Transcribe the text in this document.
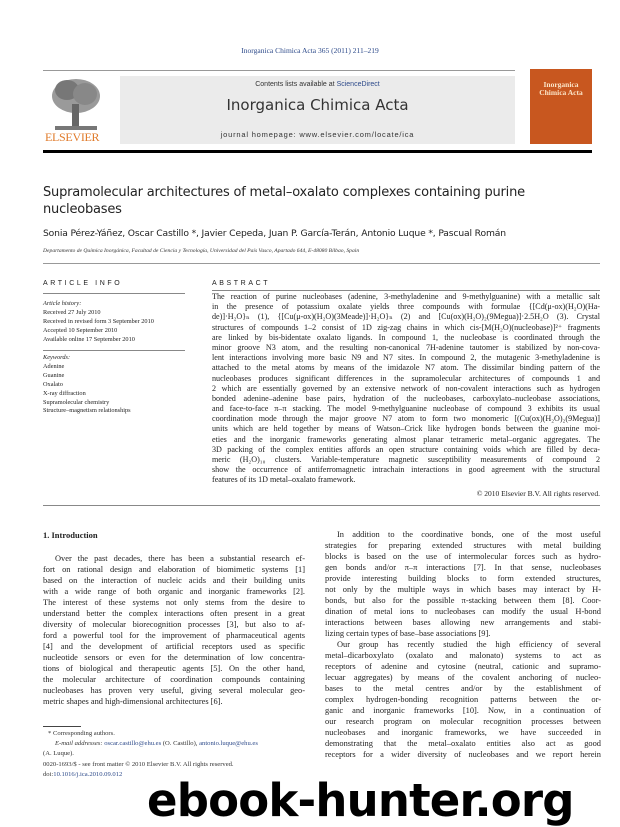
Inorganica Chimica Acta 365 (2011) 211–219
ELSEVIER
Contents lists available at ScienceDirect
Inorganica Chimica Acta
journal homepage: www.elsevier.com/locate/ica
Inorganica Chimica Acta
Supramolecular architectures of metal–oxalato complexes containing purine nucleobases
Sonia Pérez-Yáñez, Oscar Castillo *, Javier Cepeda, Juan P. García-Terán, Antonio Luque *, Pascual Román
Departamento de Química Inorgánica, Facultad de Ciencia y Tecnología, Universidad del País Vasco, Apartado 644, E-48080 Bilbao, Spain
ARTICLE INFO
Article history:
Received 27 July 2010
Received in revised form 3 September 2010
Accepted 10 September 2010
Available online 17 September 2010
Keywords:
Adenine
Guanine
Oxalato
X-ray diffraction
Supramolecular chemistry
Structure–magnetism relationships
ABSTRACT
The reaction of purine nucleobases (adenine, 3-methyladenine and 9-methylguanine) with a metallic salt
in the presence of potassium oxalate yields three compounds with formulae {[Cd(μ-ox)(H₂O)(Ha-
de)]·H₂O}ₙ (1), {[Cu(μ-ox)(H₂O)(3Meade)]·H₂O}ₙ (2) and [Cu(ox)(H₂O)₂(9Megua)]·2.5H₂O (3). Crystal
structures of compounds 1–2 consist of 1D zig-zag chains in which cis-[M(H₂O)(nucleobase)]²⁺ fragments
are linked by bis-bidentate oxalato ligands. In compound 1, the nucleobase is coordinated through the
minor groove N3 atom, and the resulting non-canonical 7H-adenine tautomer is stabilized by non-cova-
lent interactions involving more basic N9 and N7 sites. In compound 2, the mutagenic 3-methyladenine is
attached to the metal atoms by means of the imidazole N7 atom. The dissimilar binding pattern of the
nucleobases produces significant differences in the supramolecular architectures of compounds 1 and
2 which are essentially governed by an extensive network of non-covalent interactions such as hydrogen
bonded adenine–adenine base pairs, hydration of the nucleobases, carboxylato–nucleobase associations,
and face-to-face π–π stacking. The model 9-methylguanine nucleobase of compound 3 exhibits its usual
coordination mode through the major groove N7 atom to form two monomeric [(Cu(ox)(H₂O)₂(9Megua)]
units which are held together by means of Watson–Crick like hydrogen bonds between the guanine moi-
eties and the inorganic frameworks generating almost planar tetrameric metal–organic aggregates. The
3D packing of the complex entities affords an open structure containing voids which are filled by deca-
meric (H₂O)₁₀ clusters. Variable-temperature magnetic susceptibility measurements of compound 2
show the occurrence of antiferromagnetic intrachain interactions in good agreement with the structural
features of its 1D metal–oxalato framework.
© 2010 Elsevier B.V. All rights reserved.
1. Introduction
Over the past decades, there has been a substantial research ef-
fort on rational design and elaboration of biomimetic systems [1]
based on the interaction of nucleic acids and their building units
with a wide range of both organic and inorganic frameworks [2].
The interest of these systems not only stems from the desire to
understand better the complex interactions often present in a great
diversity of molecular biorecognition processes [3], but also to af-
ford a powerful tool for the improvement of pharmaceutical agents
[4] and the development of artificial receptors used as specific
nucleotide sensors or even for the determination of low concentra-
tions of biological and therapeutic agents [5]. On the other hand,
the molecular architecture of coordination compounds containing
nucleobases has proven very useful, giving several molecular geo-
metric shapes and high-dimensional architectures [6].
In addition to the coordinative bonds, one of the most useful
strategies for preparing extended structures with metal building
blocks is based on the use of intermolecular forces such as hydro-
gen bonds and/or π–π interactions [7]. In that sense, nucleobases
provide interesting building blocks to form extended structures,
not only by the multiple ways in which bases may interact by H-
bonds, but also for the possible π-stacking between them [8]. Coor-
dination of metal ions to nucleobases can modify the usual H-bond
interactions between bases allowing new arrangements and stabi-
lizing certain types of base–base associations [9].
Our group has recently studied the high efficiency of several
metal–dicarboxylato (oxalato and malonato) systems to act as
receptors of adenine and cytosine (neutral, cationic and supramo-
lecuar aggregates) by means of the covalent anchoring of nucleo-
bases to the metal centres and/or by the establishment of
complex hydrogen-bonding recognition patterns between the or-
ganic and inorganic frameworks [10]. Now, in a continuation of
our research program on molecular recognition processes between
nucleobases and inorganic frameworks, we have succeeded in
demonstrating that the metal–oxalato entities also act as good
receptors for a wider diversity of nucleobases and we report herein
* Corresponding authors.
E-mail addresses: oscar.castillo@ehu.es (O. Castillo), antonio.luque@ehu.es
(A. Luque).
0020-1693/$ - see front matter © 2010 Elsevier B.V. All rights reserved.
doi:10.1016/j.ica.2010.09.012 ebook-hunter.org
